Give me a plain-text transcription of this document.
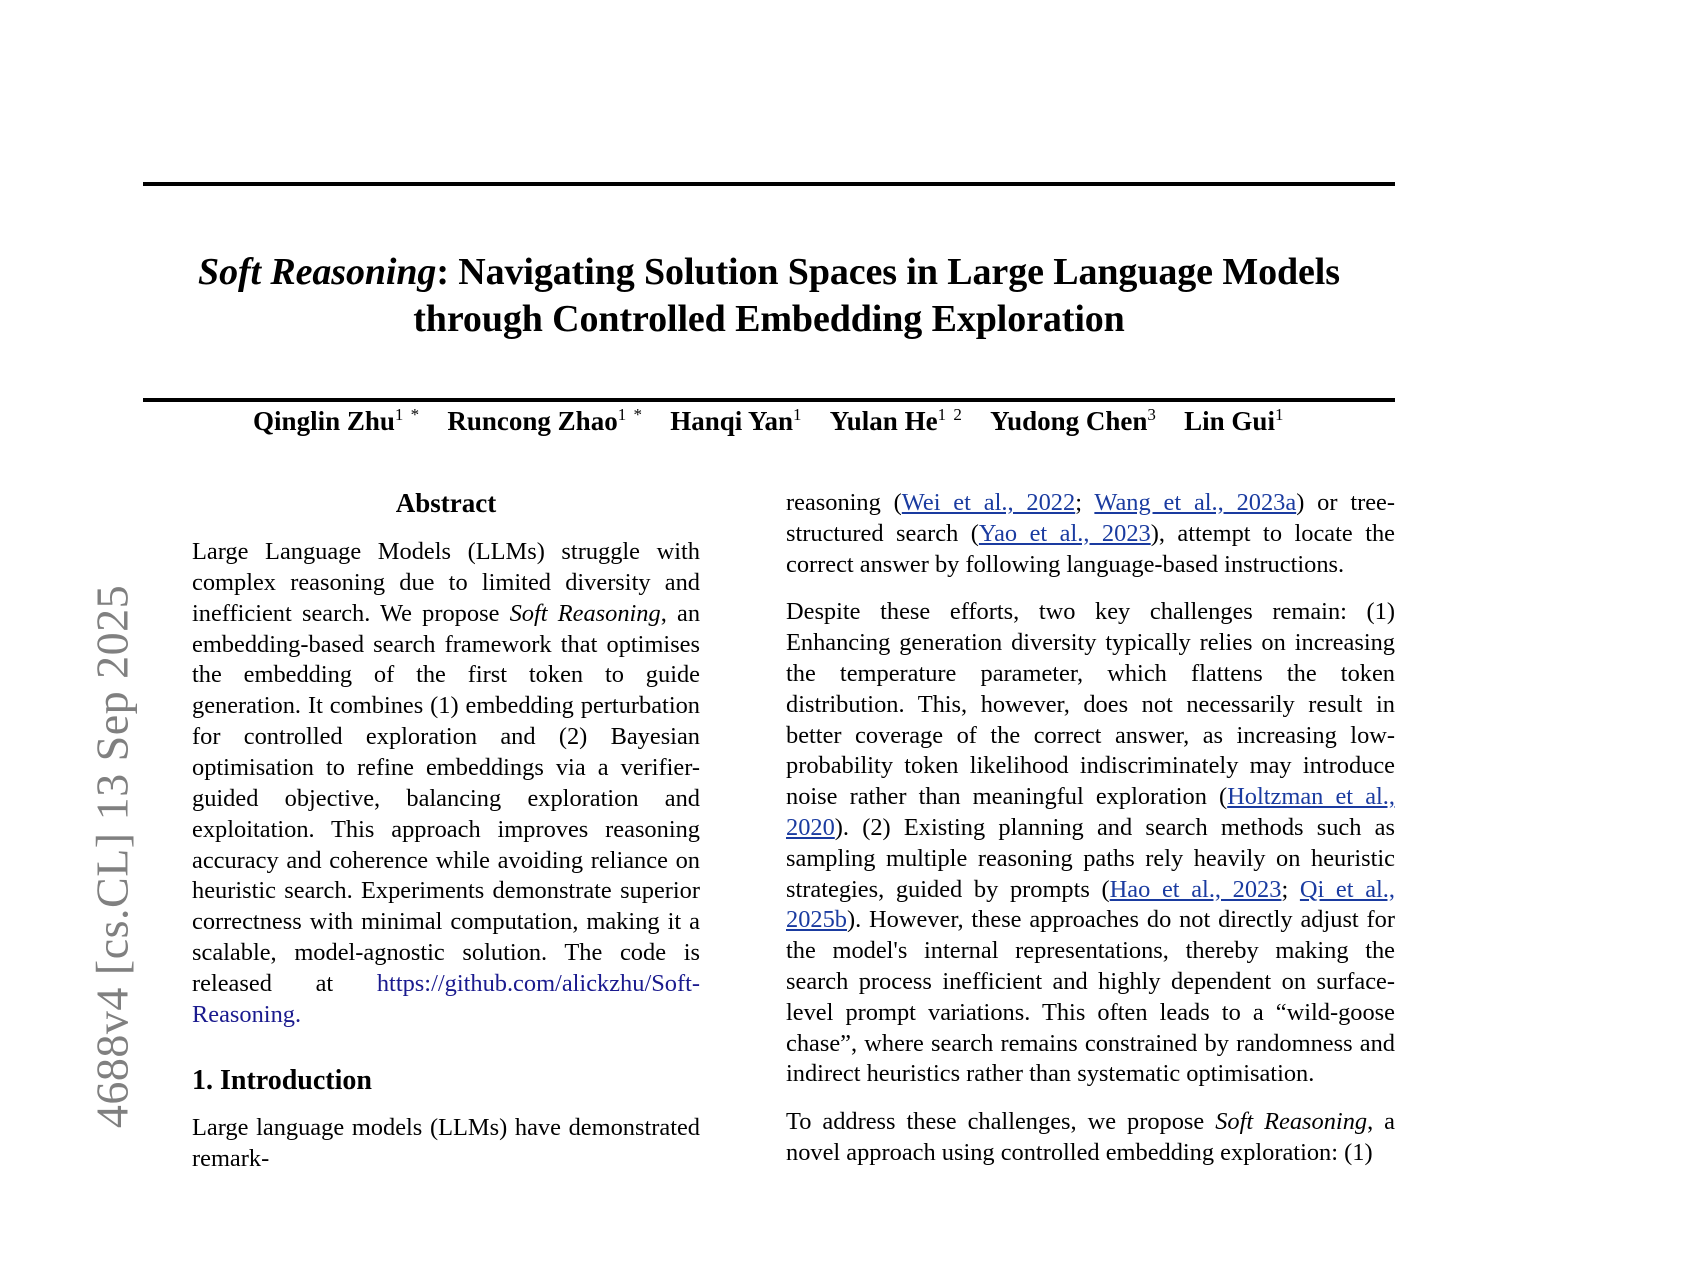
4688v4 [cs.CL] 13 Sep 2025
Soft Reasoning: Navigating Solution Spaces in Large Language Models through Controlled Embedding Exploration
Qinglin Zhu$^{1 *}$ Runcong Zhao$^{1 *}$ Hanqi Yan$^1$ Yulan $He^{1 2}$ Yudong Chen$^3$ Lin Gui$^1$
Abstract

Large Language Models (LLMs) struggle with complex reasoning due to limited diversity and inefficient search. We propose Soft Reasoning, an embedding-based search framework that optimises the embedding of the first token to guide generation. It combines (1) embedding perturbation for controlled exploration and (2) Bayesian optimisation to refine embeddings via a verifier-guided objective, balancing exploration and exploitation. This approach improves reasoning accuracy and coherence while avoiding reliance on heuristic search. Experiments demonstrate superior correctness with minimal computation, making it a scalable, model-agnostic solution. The code is released at https://github.com/alickzhu/Soft-Reasoning.

1. Introduction

Large language models (LLMs) have demonstrated remark-

reasoning (Wei et al., 2022; Wang et al., 2023a) or tree-structured search (Yao et al., 2023), attempt to locate the correct answer by following language-based instructions.

Despite these efforts, two key challenges remain: (1) Enhancing generation diversity typically relies on increasing the temperature parameter, which flattens the token distribution. This, however, does not necessarily result in better coverage of the correct answer, as increasing low-probability token likelihood indiscriminately may introduce noise rather than meaningful exploration (Holtzman et al., 2020). (2) Existing planning and search methods such as sampling multiple reasoning paths rely heavily on heuristic strategies, guided by prompts (Hao et al., 2023; Qi et al., 2025b). However, these approaches do not directly adjust for the model's internal representations, thereby making the search process inefficient and highly dependent on surface-level prompt variations. This often leads to a “wild-goose chase”, where search remains constrained by randomness and indirect heuristics rather than systematic optimisation.

To address these challenges, we propose Soft Reasoning, a novel approach using controlled embedding exploration: (1)
